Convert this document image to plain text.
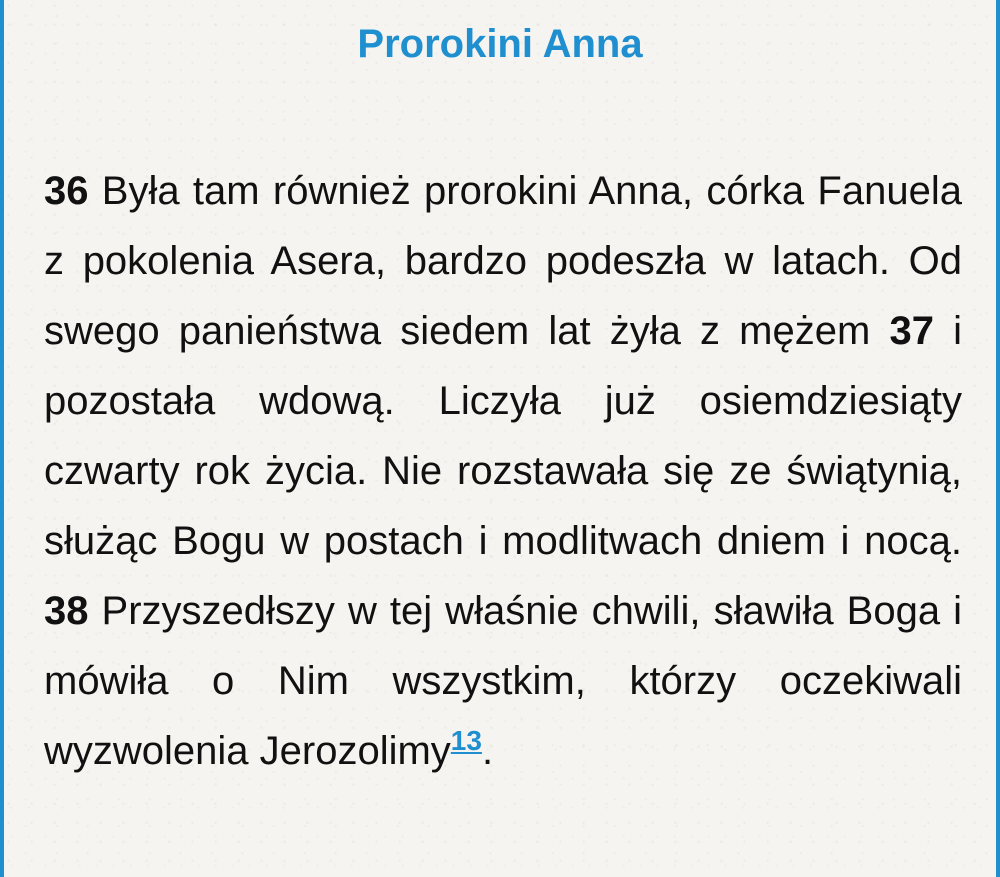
Prorokini Anna

36 Była tam również prorokini Anna, córka Fanuela z pokolenia Asera, bardzo podeszła w latach. Od swego panieństwa siedem lat żyła z mężem 37 i pozostała wdową. Liczyła już osiemdziesiąty czwarty rok życia. Nie rozstawała się ze świątynią, służąc Bogu w postach i modlitwach dniem i nocą. 38 Przyszedłszy w tej właśnie chwili, sławiła Boga i mówiła o Nim wszystkim, którzy oczekiwali wyzwolenia Jerozolimy$^{13}$.
